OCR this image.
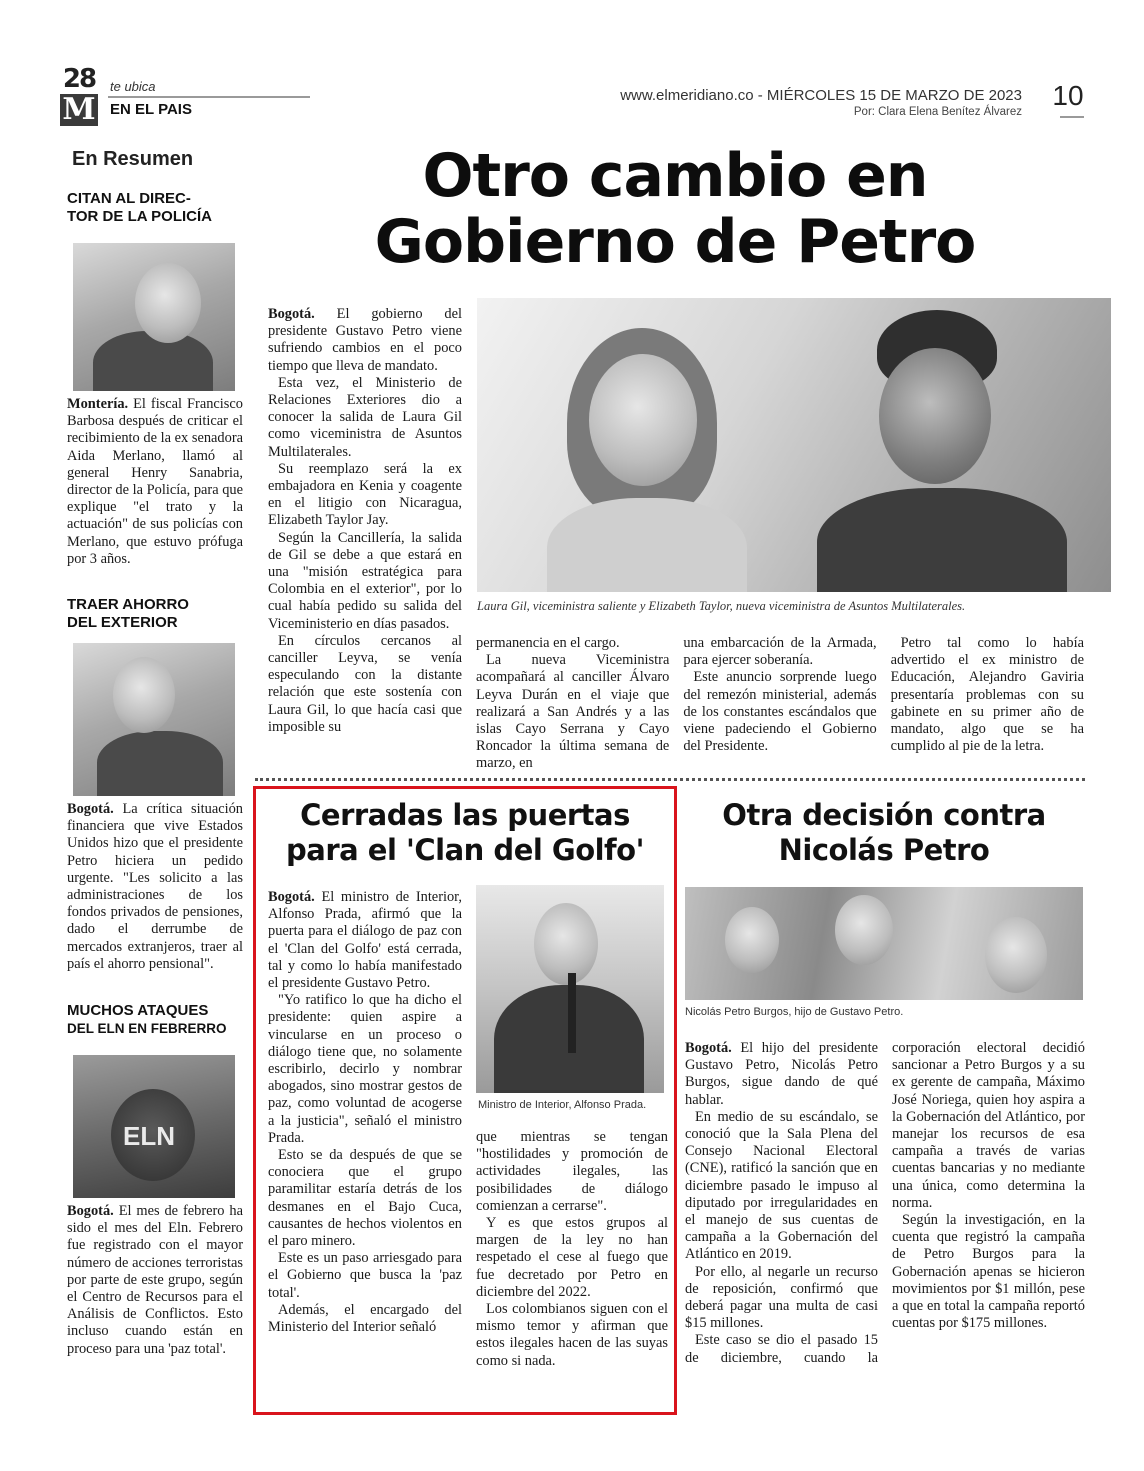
28
M
te ubica
EN EL PAIS
www.elmeridiano.co - MIÉRCOLES 15 DE MARZO DE 2023
Por: Clara Elena Benítez Álvarez
10
En Resumen
CITAN AL DIREC-
TOR DE LA POLICÍA

Montería. El fiscal Francisco Barbosa después de criticar el recibimiento de la ex senadora Aida Merlano, llamó al general Henry Sanabria, director de la Policía, para que explique "el trato y la actuación" de sus policías con Merlano, que estuvo prófuga por 3 años.

TRAER AHORRO
DEL EXTERIOR

Bogotá. La crítica situación financiera que vive Estados Unidos hizo que el presidente Petro hiciera un pedido urgente. "Les solicito a las administraciones de los fondos privados de pensiones, dado el derrumbe de mercados extranjeros, traer al país el ahorro pensional".

MUCHOS ATAQUES
DEL ELN EN FEBRERRO
ELN

Bogotá. El mes de febrero ha sido el mes del Eln. Febrero fue registrado con el mayor número de acciones terroristas por parte de este grupo, según el Centro de Recursos para el Análisis de Conflictos. Esto incluso cuando están en proceso para una 'paz total'.

Otro cambio en
Gobierno de Petro

Bogotá. El gobierno del presidente Gustavo Petro viene sufriendo cambios en el poco tiempo que lleva de mandato.

Esta vez, el Ministerio de Relaciones Exteriores dio a conocer la salida de Laura Gil como viceministra de Asuntos Multilaterales.

Su reemplazo será la ex embajadora en Kenia y coagente en el litigio con Nicaragua, Elizabeth Taylor Jay.

Según la Cancillería, la salida de Gil se debe a que estará en una "misión estratégica para Colombia en el exterior", por lo cual había pedido su salida del Viceministerio en días pasados.

En círculos cercanos al canciller Leyva, se venía especulando con la distante relación que este sostenía con Laura Gil, lo que hacía casi que imposible su

Laura Gil, viceministra saliente y Elizabeth Taylor, nueva viceministra de Asuntos Multilaterales.

permanencia en el cargo.

La nueva Viceministra acompañará al canciller Álvaro Leyva Durán en el viaje que realizará a San Andrés y a las islas Cayo Serrana y Cayo Roncador la última semana de marzo, en

una embarcación de la Armada, para ejercer soberanía.

Este anuncio sorprende luego del remezón ministerial, además de los constantes escándalos que viene padeciendo el Gobierno del Presidente.

Petro tal como lo había advertido el ex ministro de Educación, Alejandro Gaviria presentaría problemas con su gabinete en su primer año de mandato, algo que se ha cumplido al pie de la letra.

Cerradas las puertas
para el 'Clan del Golfo'

Bogotá. El ministro de Interior, Alfonso Prada, afirmó que la puerta para el diálogo de paz con el 'Clan del Golfo' está cerrada, tal y como lo había manifestado el presidente Gustavo Petro.

"Yo ratifico lo que ha dicho el presidente: quien aspire a vincularse en un proceso o diálogo tiene que, no solamente escribirlo, decirlo y nombrar abogados, sino mostrar gestos de paz, como voluntad de acogerse a la justicia", señaló el ministro Prada.

Esto se da después de que se conociera que el grupo paramilitar estaría detrás de los desmanes en el Bajo Cuca, causantes de hechos violentos en el paro minero.

Este es un paso arriesgado para el Gobierno que busca la 'paz total'.

Además, el encargado del Ministerio del Interior señaló

Ministro de Interior, Alfonso Prada.

que mientras se tengan "hostilidades y promoción de actividades ilegales, las posibilidades de diálogo comienzan a cerrarse".

Y es que estos grupos al margen de la ley no han respetado el cese al fuego que fue decretado por Petro en diciembre del 2022.

Los colombianos siguen con el mismo temor y afirman que estos ilegales hacen de las suyas como si nada.

Otra decisión contra
Nicolás Petro
Nicolás Petro Burgos, hijo de Gustavo Petro.

Bogotá. El hijo del presidente Gustavo Petro, Nicolás Petro Burgos, sigue dando de qué hablar.

En medio de su escándalo, se conoció que la Sala Plena del Consejo Nacional Electoral (CNE), ratificó la sanción que en diciembre pasado le impuso al diputado por irregularidades en el manejo de sus cuentas de campaña a la Gobernación del Atlántico en 2019.

Por ello, al negarle un recurso de reposición, confirmó que deberá pagar una multa de casi $15 millones.

Este caso se dio el pasado 15 de diciembre, cuando la corporación electoral decidió sancionar a Petro Burgos y a su ex gerente de campaña, Máximo José Noriega, quien hoy aspira a la Gobernación del Atlántico, por manejar los recursos de esa campaña a través de varias cuentas bancarias y no mediante una única, como determina la norma.

Según la investigación, en la cuenta que registró la campaña de Petro Burgos para la Gobernación apenas se hicieron movimientos por $1 millón, pese a que en total la campaña reportó cuentas por $175 millones.
